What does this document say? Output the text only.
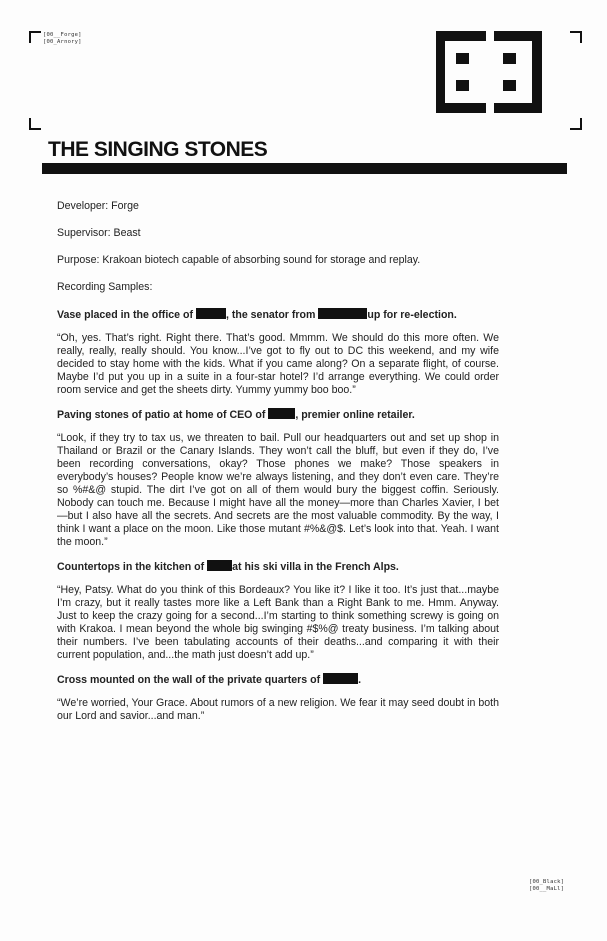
[00__Forge]
[00_Arnory]
THE SINGING STONES

Developer: Forge

Supervisor: Beast

Purpose: Krakoan biotech capable of absorbing sound for storage and replay.

Recording Samples:

Vase placed in the office of	, the senator from	up for re-election.

“Oh, yes. That’s right. Right there. That’s good. Mmmm. We should do this more often. We really, really, really should. You know...I’ve got to fly out to DC this weekend, and my wife decided to stay home with the kids. What if you came along? On a separate flight, of course. Maybe I’d put you up in a suite in a four-star hotel? I’d arrange everything. We could order room service and get the sheets dirty. Yummy yummy boo boo.”

Paving stones of patio at home of CEO of	, premier online retailer.

“Look, if they try to tax us, we threaten to bail. Pull our headquarters out and set up shop in Thailand or Brazil or the Canary Islands. They won’t call the bluff, but even if they do, I’ve been recording conversations, okay? Those phones we make? Those speakers in everybody’s houses? People know we’re always listening, and they don’t even care. They’re so %#&@ stupid. The dirt I’ve got on all of them would bury the biggest coffin. Seriously. Nobody can touch me. Because I might have all the money—more than Charles Xavier, I bet—but I also have all the secrets. And secrets are the most valuable commodity. By the way, I think I want a place on the moon. Like those mutant #%&@$. Let’s look into that. Yeah. I want the moon.”

Countertops in the kitchen of at his ski villa in the French Alps.

“Hey, Patsy. What do you think of this Bordeaux? You like it? I like it too. It’s just that...maybe I’m crazy, but it really tastes more like a Left Bank than a Right Bank to me. Hmm. Anyway. Just to keep the crazy going for a second...I’m starting to think something screwy is going on with Krakoa. I mean beyond the whole big swinging #$%@ treaty business. I’m talking about their numbers. I’ve been tabulating accounts of their deaths...and comparing it with their current population, and...the math just doesn’t add up.”

Cross mounted on the wall of the private quarters of	.

“We’re worried, Your Grace. About rumors of a new religion. We fear it may seed doubt in both our Lord and savior...and man.”

[00_Black]
[00__MaLl]
